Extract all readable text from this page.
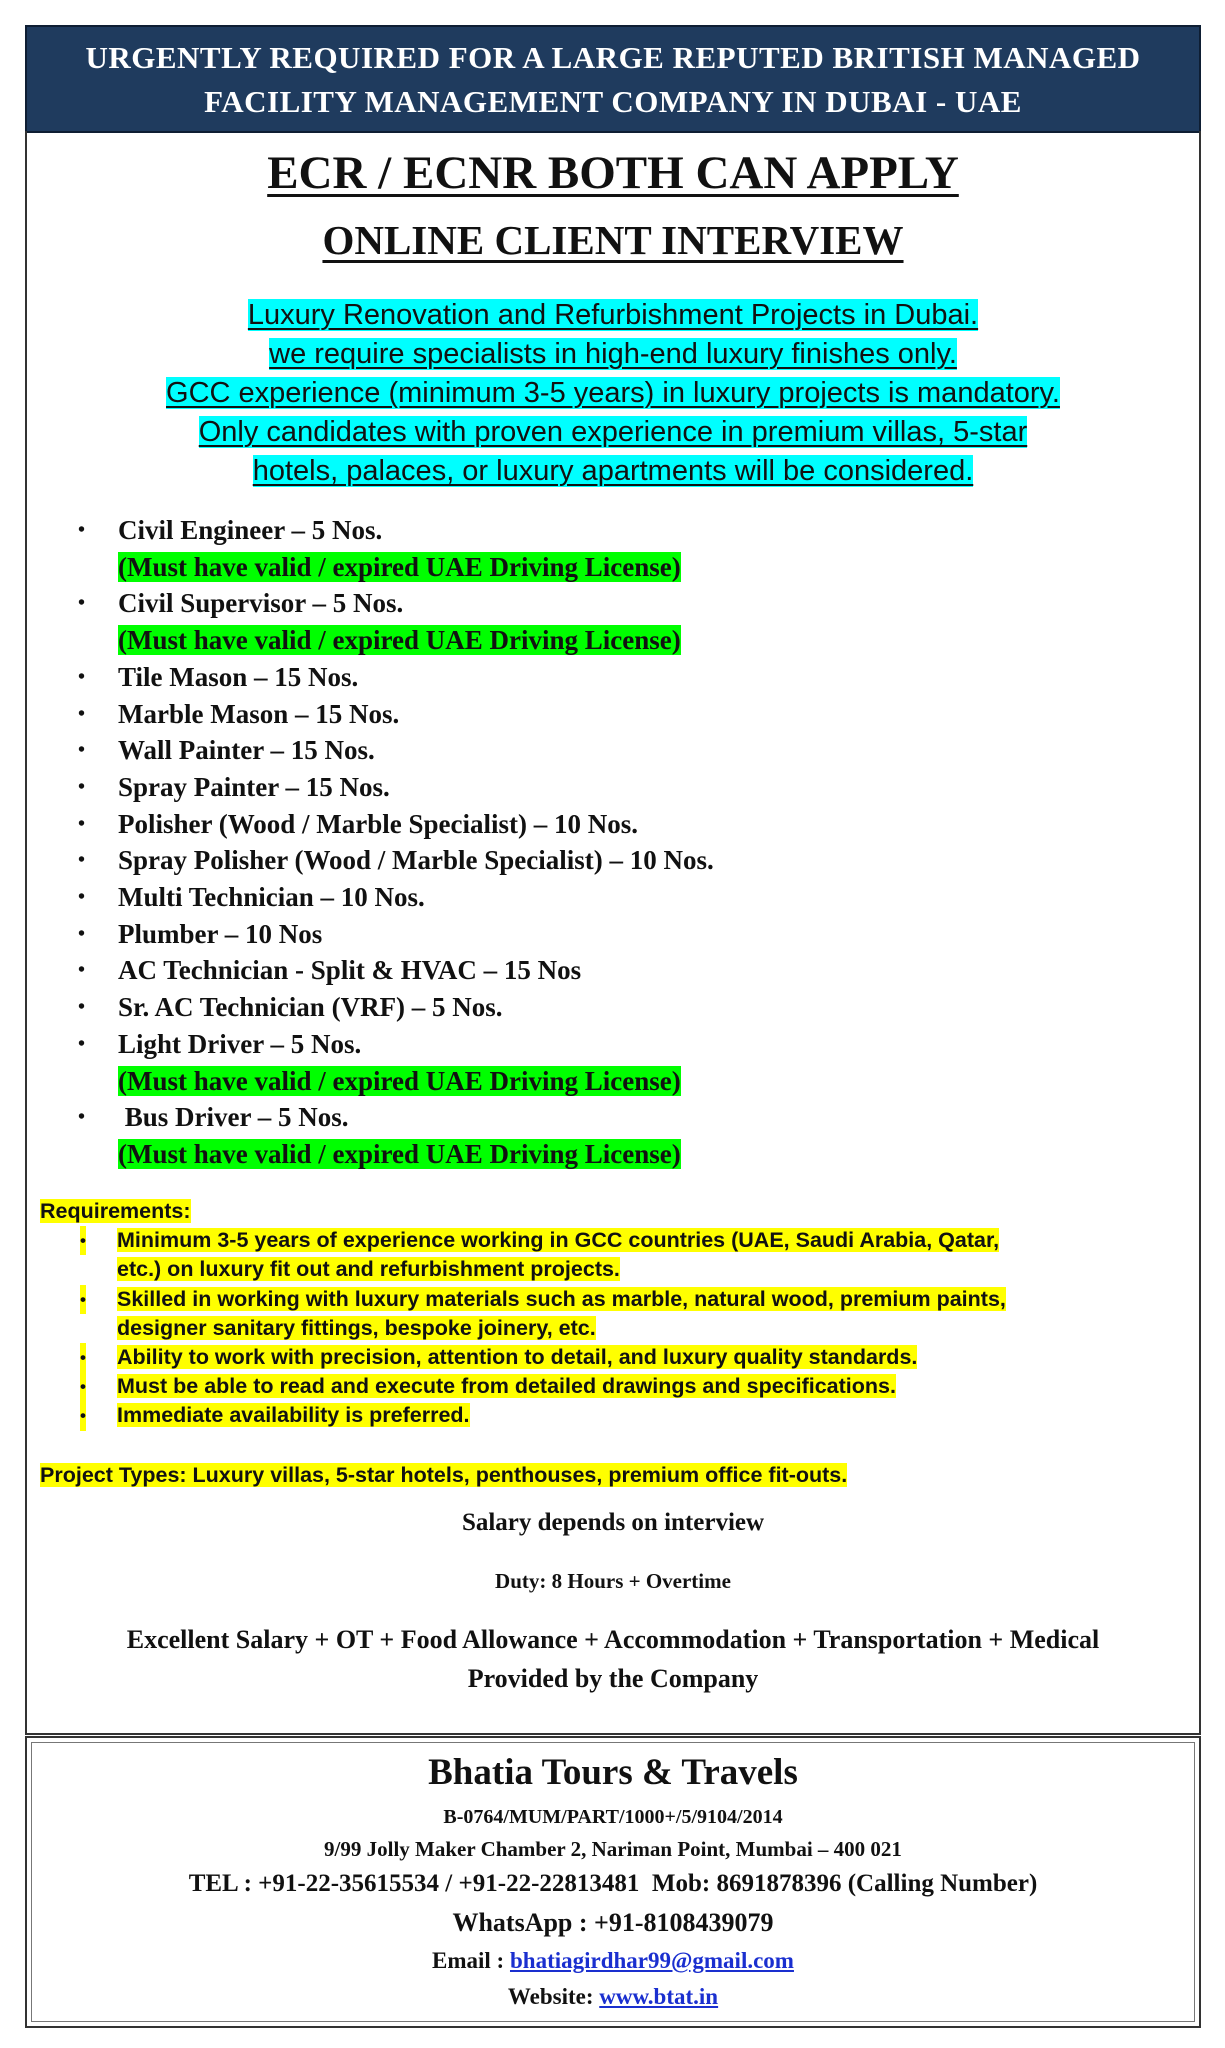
URGENTLY REQUIRED FOR A LARGE REPUTED BRITISH MANAGED
FACILITY MANAGEMENT COMPANY IN DUBAI - UAE
ECR / ECNR BOTH CAN APPLY
ONLINE CLIENT INTERVIEW
Luxury Renovation and Refurbishment Projects in Dubai.
we require specialists in high-end luxury finishes only.
GCC experience (minimum 3-5 years) in luxury projects is mandatory.
Only candidates with proven experience in premium villas, 5-star
hotels, palaces, or luxury apartments will be considered.
•	Civil Engineer – 5 Nos.
(Must have valid / expired UAE Driving License)
•	Civil Supervisor – 5 Nos.
(Must have valid / expired UAE Driving License)
•	Tile Mason – 15 Nos.
•	Marble Mason – 15 Nos.
•	Wall Painter – 15 Nos.
•	Spray Painter – 15 Nos.
•	Polisher (Wood / Marble Specialist) – 10 Nos.
•	Spray Polisher (Wood / Marble Specialist) – 10 Nos.
•	Multi Technician – 10 Nos.
•	Plumber – 10 Nos
•	AC Technician - Split & HVAC – 15 Nos
•	Sr. AC Technician (VRF) – 5 Nos.
•	Light Driver – 5 Nos.
(Must have valid / expired UAE Driving License)
•	Bus Driver – 5 Nos.
(Must have valid / expired UAE Driving License)
Requirements:
• Minimum 3-5 years of experience working in GCC countries (UAE, Saudi Arabia, Qatar,
etc.) on luxury fit out and refurbishment projects.
• Skilled in working with luxury materials such as marble, natural wood, premium paints,
designer sanitary fittings, bespoke joinery, etc.
• Ability to work with precision, attention to detail, and luxury quality standards.
• Must be able to read and execute from detailed drawings and specifications.
• Immediate availability is preferred.
Project Types: Luxury villas, 5-star hotels, penthouses, premium office fit-outs.
Salary depends on interview
Duty: 8 Hours + Overtime
Excellent Salary + OT + Food Allowance + Accommodation + Transportation + Medical
Provided by the Company
Bhatia Tours & Travels
B-0764/MUM/PART/1000+/5/9104/2014
9/99 Jolly Maker Chamber 2, Nariman Point, Mumbai – 400 021
TEL : +91-22-35615534 / +91-22-22813481  Mob: 8691878396 (Calling Number)
WhatsApp : +91-8108439079
Email : bhatiagirdhar99@gmail.com
Website: www.btat.in
